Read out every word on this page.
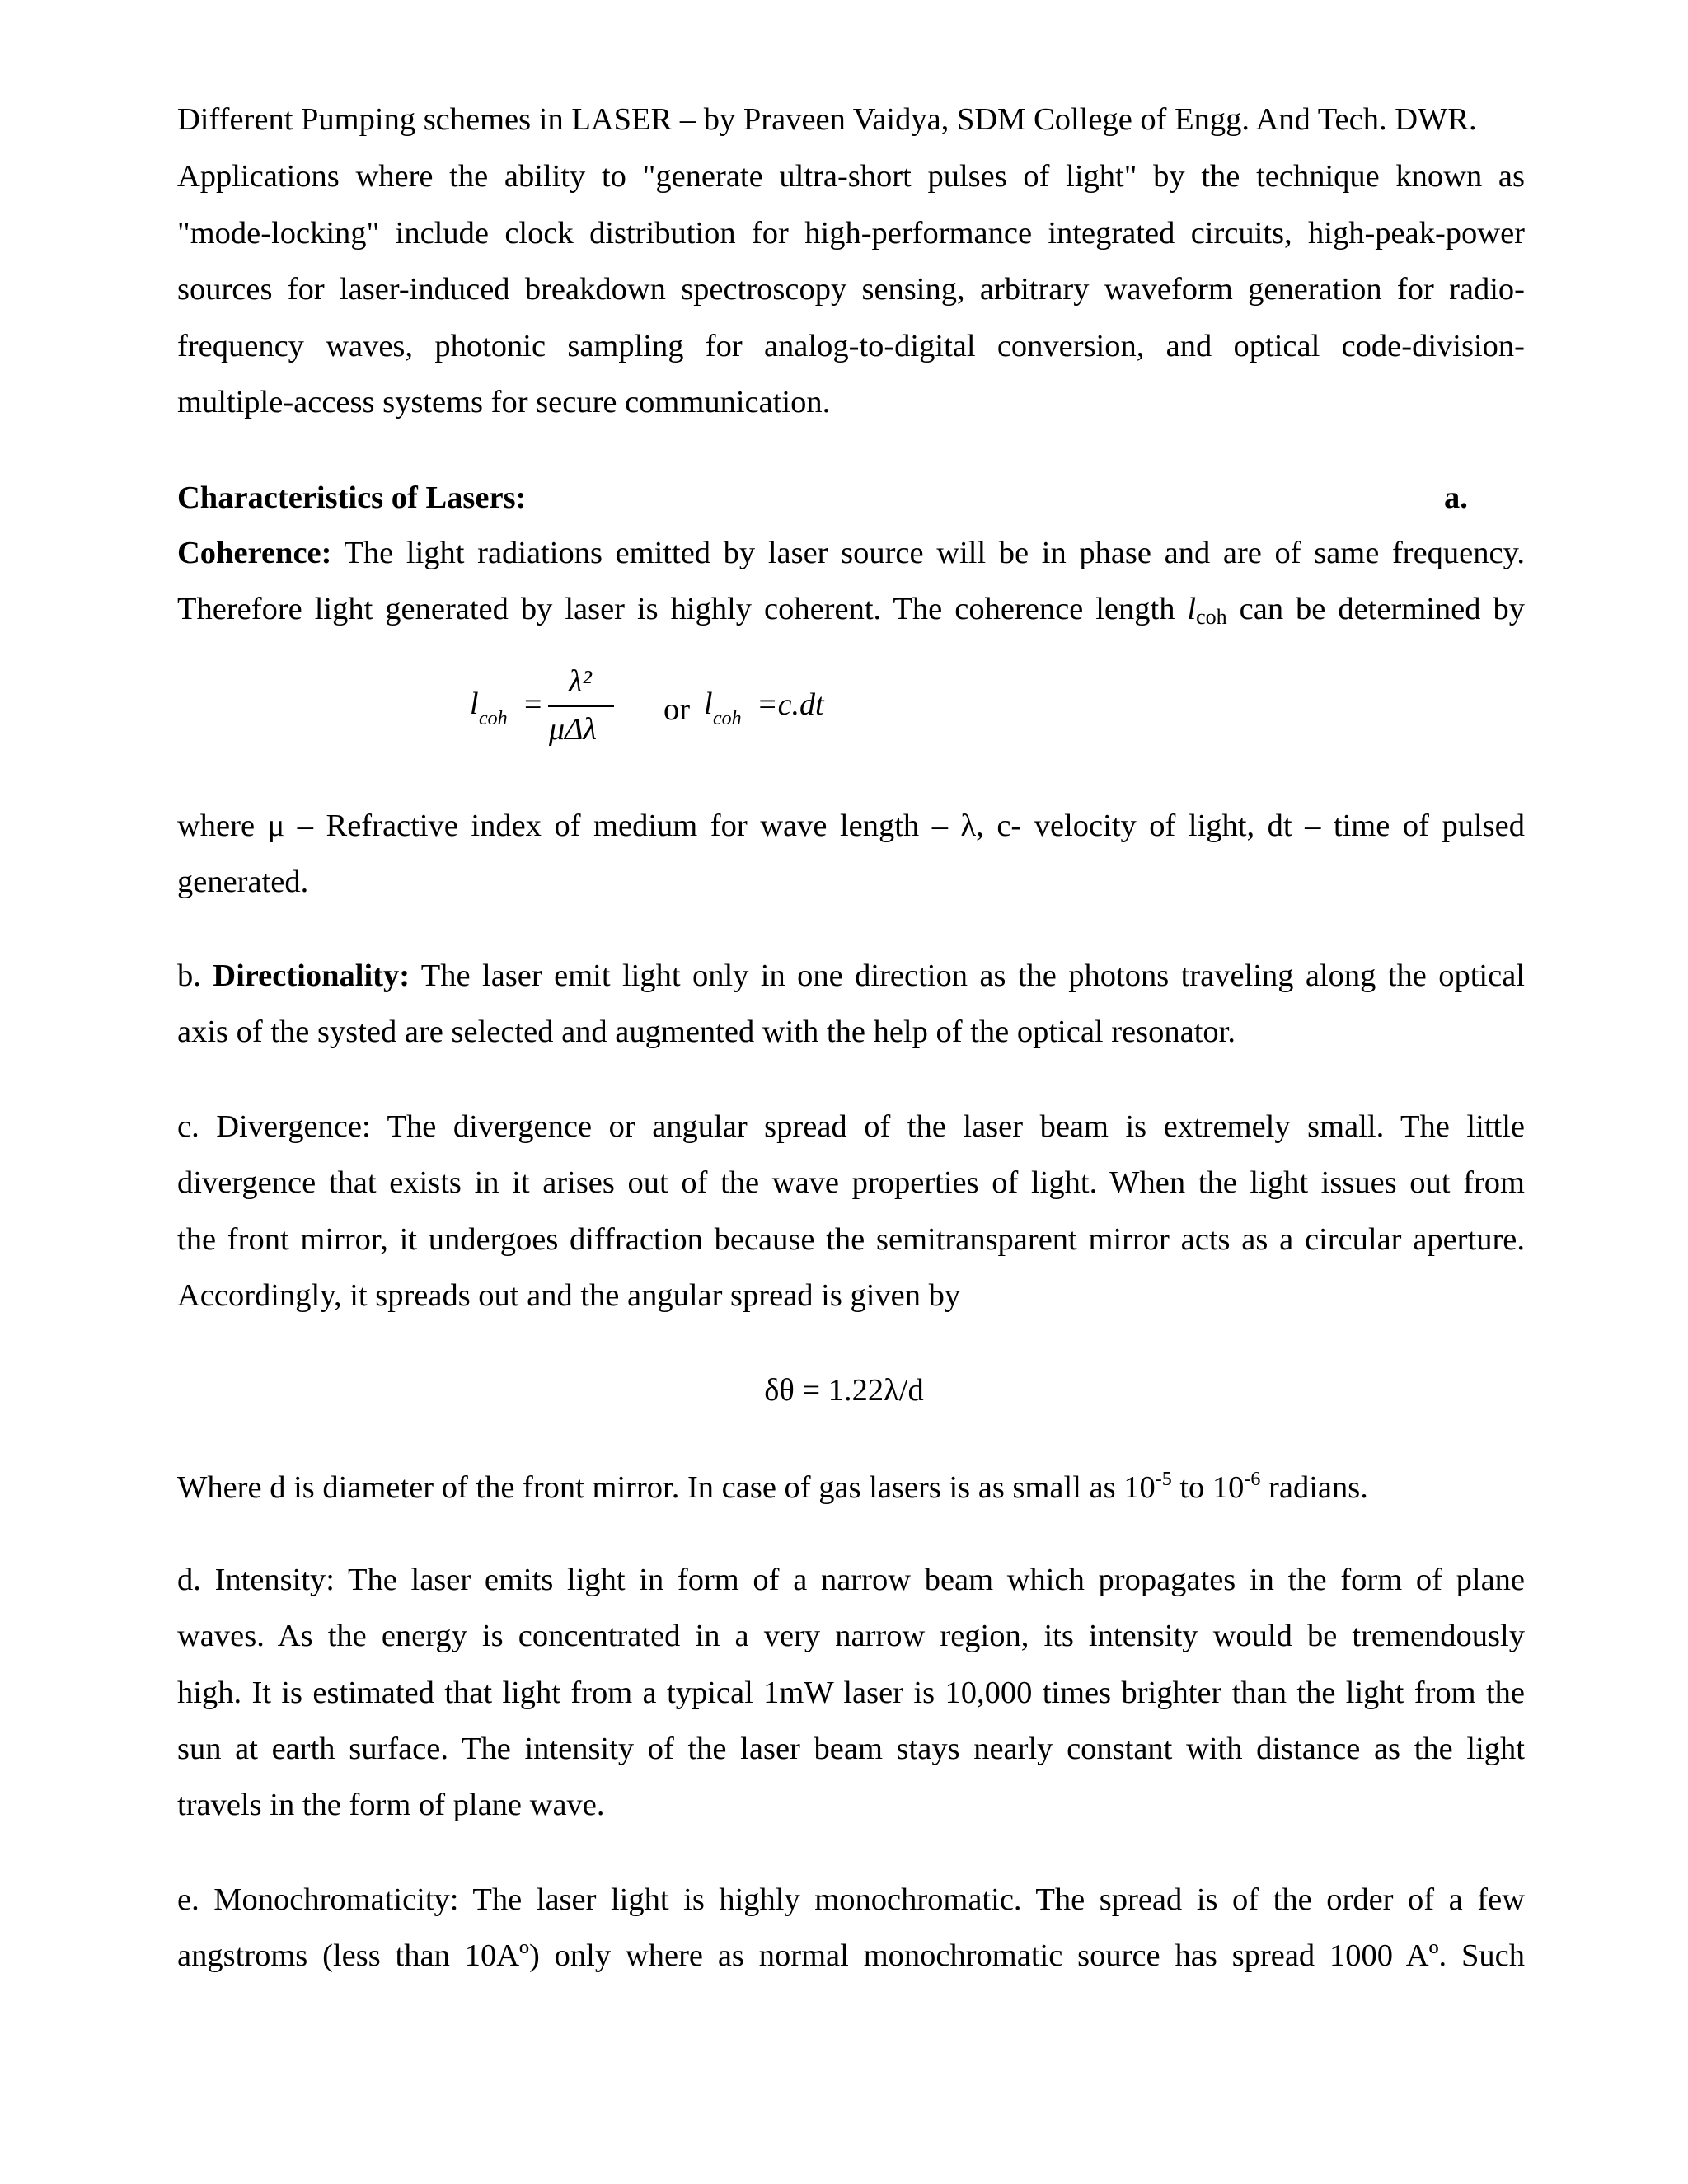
Different Pumping schemes in LASER – by Praveen Vaidya, SDM College of Engg. And Tech. DWR.
Applications where the ability to "generate ultra-short pulses of light" by the technique known as
"mode-locking" include clock distribution for high-performance integrated circuits, high-peak-power
sources for laser-induced breakdown spectroscopy sensing, arbitrary waveform generation for radio-
frequency waves, photonic sampling for analog-to-digital conversion, and optical code-division-
multiple-access systems for secure communication.
Characteristics of Lasers:	a.
Coherence: The light radiations emitted by laser source will be in phase and are of same frequency.
Therefore light generated by laser is highly coherent. The coherence length $l_{coh}$ can be determined by
l coh =
λ²
μΔλ
or l coh =c.dt
where μ – Refractive index of medium for wave length – λ, c- velocity of light, dt – time of pulsed
generated.
b. Directionality: The laser emit light only in one direction as the photons traveling along the optical
axis of the systed are selected and augmented with the help of the optical resonator.
c. Divergence: The divergence or angular spread of the laser beam is extremely small. The little
divergence that exists in it arises out of the wave properties of light. When the light issues out from
the front mirror, it undergoes diffraction because the semitransparent mirror acts as a circular aperture.
Accordingly, it spreads out and the angular spread is given by
δθ = 1.22λ/d
Where d is diameter of the front mirror. In case of gas lasers is as small as $10^{-5}$ to $10^{-6}$ radians.
d. Intensity: The laser emits light in form of a narrow beam which propagates in the form of plane
waves. As the energy is concentrated in a very narrow region, its intensity would be tremendously
high. It is estimated that light from a typical 1mW laser is 10,000 times brighter than the light from the
sun at earth surface. The intensity of the laser beam stays nearly constant with distance as the light
travels in the form of plane wave.
e. Monochromaticity: The laser light is highly monochromatic. The spread is of the order of a few
angstroms (less than 10Aº) only where as normal monochromatic source has spread 1000 Aº. Such
